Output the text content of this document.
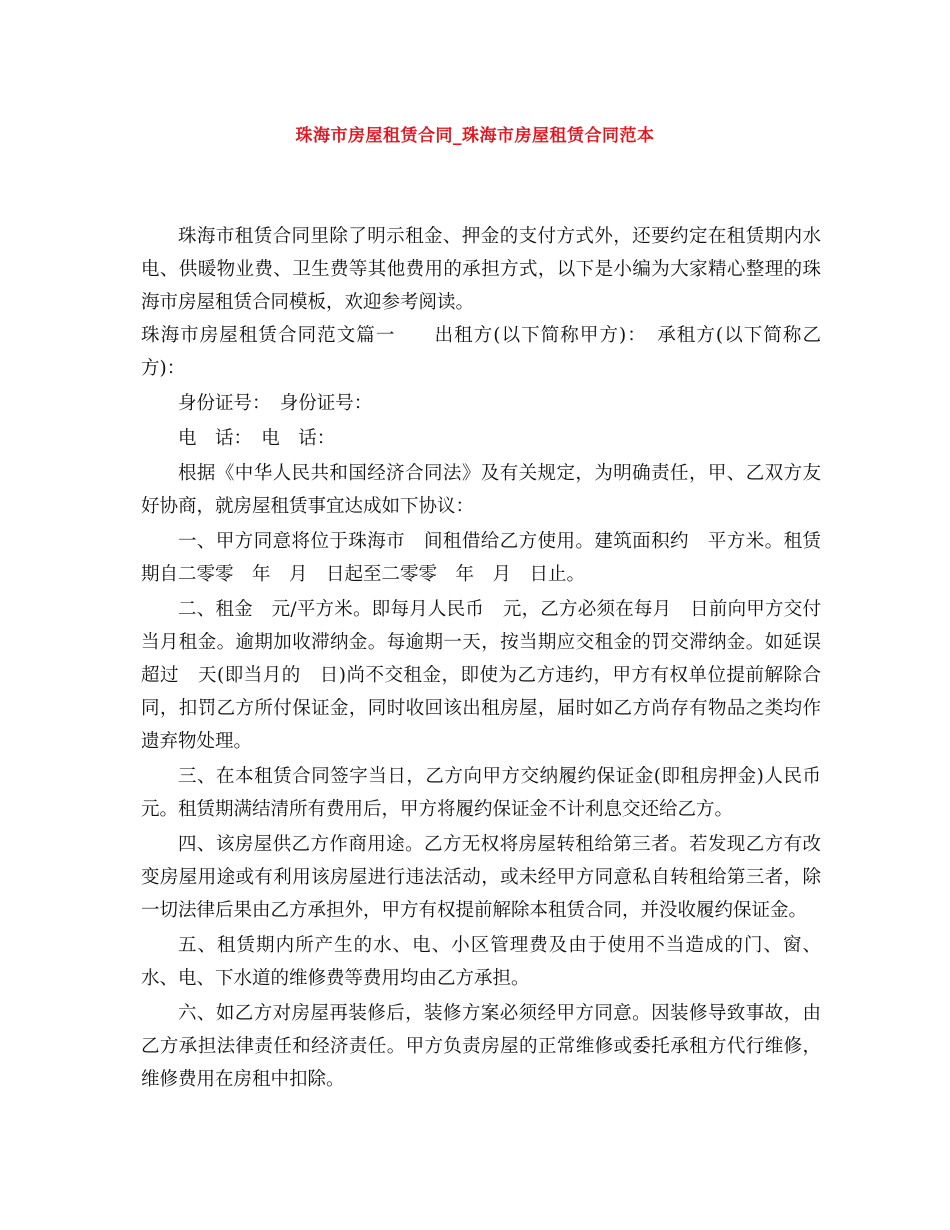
珠海市房屋租赁合同_珠海市房屋租赁合同范本

珠海市租赁合同里除了明示租金、押金的支付方式外，还要约定在租赁期内水电、供暖物业费、卫生费等其他费用的承担方式，以下是小编为大家精心整理的珠海市房屋租赁合同模板，欢迎参考阅读。

珠海市房屋租赁合同范文篇一　　出租方(以下简称甲方)：　承租方(以下简称乙方)：

身份证号：　身份证号：

电　话：　电　话：

根据《中华人民共和国经济合同法》及有关规定，为明确责任，甲、乙双方友好协商，就房屋租赁事宜达成如下协议：

一、甲方同意将位于珠海市　间租借给乙方使用。建筑面积约　平方米。租赁期自二零零　年　月　日起至二零零　年　月　日止。

二、租金　元/平方米。即每月人民币　元，乙方必须在每月　日前向甲方交付当月租金。逾期加收滞纳金。每逾期一天，按当期应交租金的罚交滞纳金。如延误超过　天(即当月的　日)尚不交租金，即使为乙方违约，甲方有权单位提前解除合同，扣罚乙方所付保证金，同时收回该出租房屋，届时如乙方尚存有物品之类均作遗弃物处理。

三、在本租赁合同签字当日，乙方向甲方交纳履约保证金(即租房押金)人民币　元。租赁期满结清所有费用后，甲方将履约保证金不计利息交还给乙方。

四、该房屋供乙方作商用途。乙方无权将房屋转租给第三者。若发现乙方有改变房屋用途或有利用该房屋进行违法活动，或未经甲方同意私自转租给第三者，除一切法律后果由乙方承担外，甲方有权提前解除本租赁合同，并没收履约保证金。

五、租赁期内所产生的水、电、小区管理费及由于使用不当造成的门、窗、水、电、下水道的维修费等费用均由乙方承担。

六、如乙方对房屋再装修后，装修方案必须经甲方同意。因装修导致事故，由乙方承担法律责任和经济责任。甲方负责房屋的正常维修或委托承租方代行维修，维修费用在房租中扣除。
